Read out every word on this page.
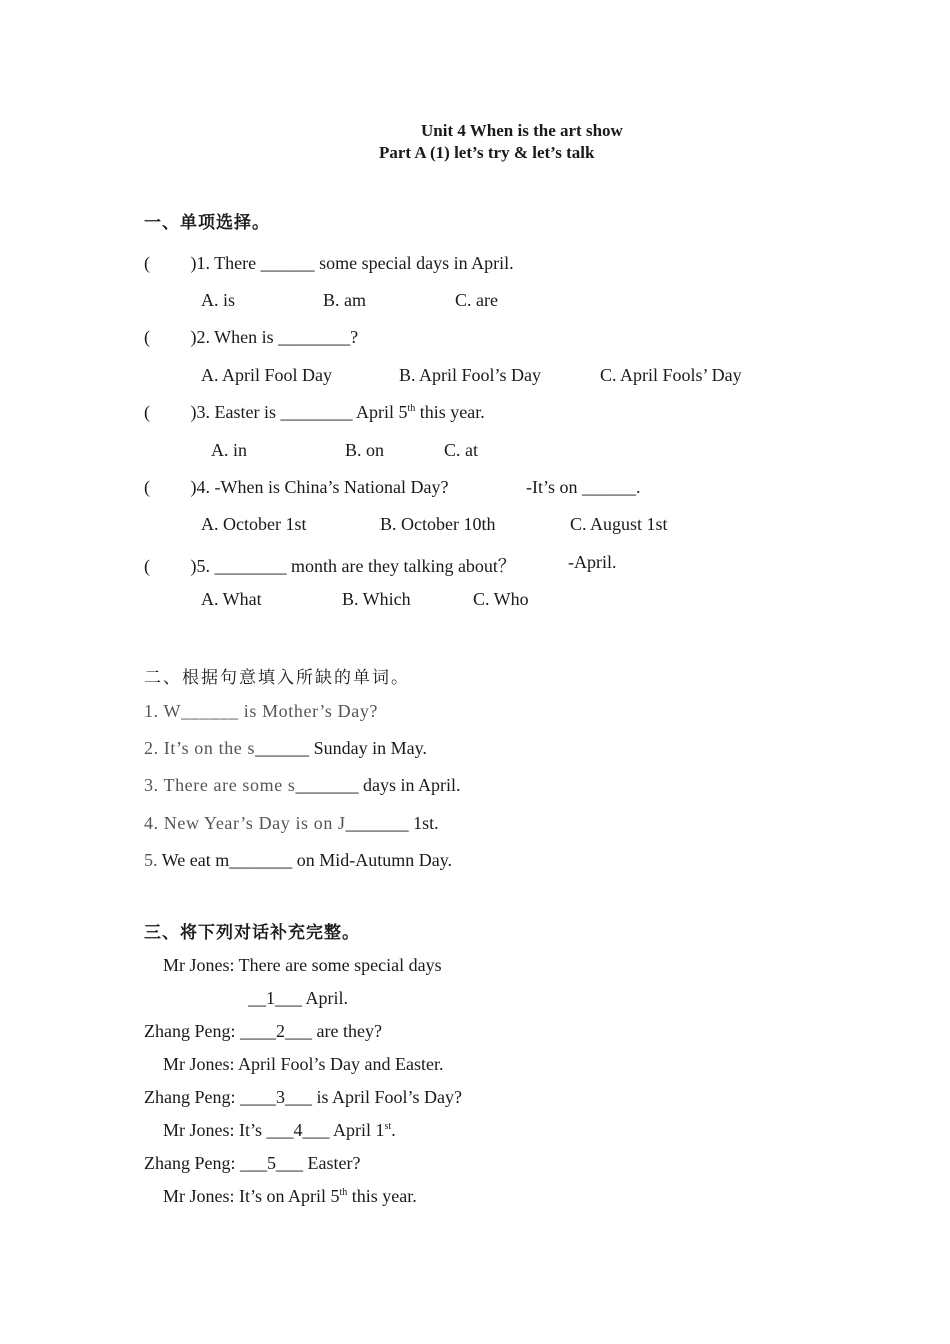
Unit 4 When is the art show
Part A (1) let’s try & let’s talk
一、单项选择。
(         )1. There ______ some special days in April.
A. is	B. am	C. are
(         )2. When is ________?
A. April Fool Day	B. April Fool’s Day	C. April Fools’ Day
(         )3. Easter is ________ April 5th this year.
A. in	B. on	C. at
(         )4. -When is China’s National Day?	-It’s on ______.
A. October 1st	B. October 10th	C. August 1st
(         )5. ________ month are they talking about？	-April.
A. What	B. Which	C. Who
二、根据句意填入所缺的单词。
1. W______ is Mother’s Day?
2. It’s on the s______ Sunday in May.
3. There are some s_______ days in April.
4. New Year’s Day is on J_______ 1st.
5. We eat m_______ on Mid-Autumn Day.
三、将下列对话补充完整。
Mr Jones: There are some special days
__1___ April.
Zhang Peng: ____2___ are they?
Mr Jones: April Fool’s Day and Easter.
Zhang Peng: ____3___ is April Fool’s Day?
Mr Jones: It’s ___4___ April 1st.
Zhang Peng: ___5___ Easter?
Mr Jones: It’s on April 5th this year.
